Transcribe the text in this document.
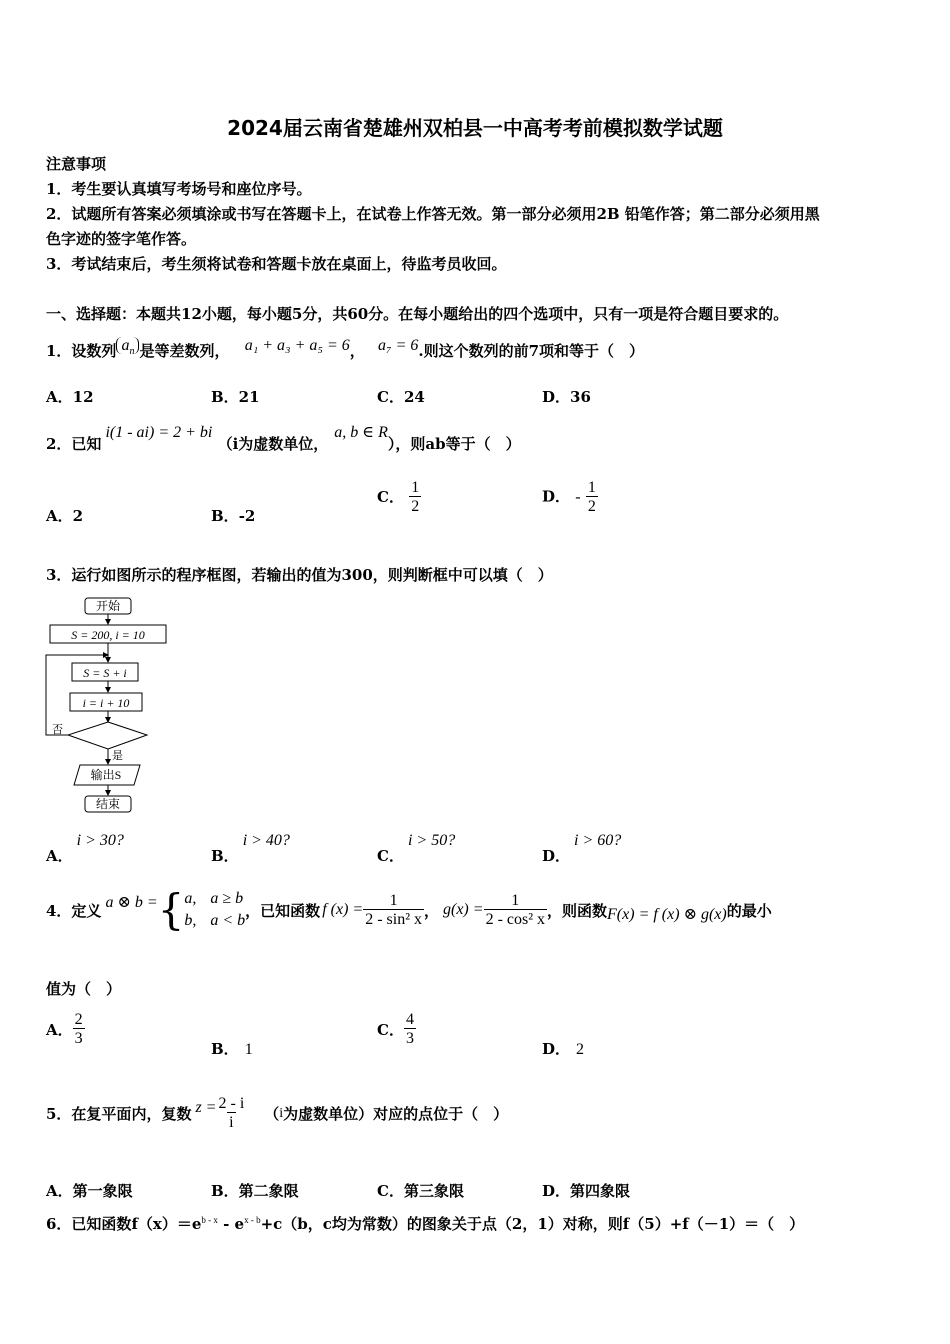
2024届云南省楚雄州双柏县一中高考考前模拟数学试题
注意事项
1．考生要认真填写考场号和座位序号。
2．试题所有答案必须填涂或书写在答题卡上，在试卷上作答无效。第一部分必须用2B 铅笔作答；第二部分必须用黑
色字迹的签字笔作答。
3．考试结束后，考生须将试卷和答题卡放在桌面上，待监考员收回。
一、选择题：本题共12小题，每小题5分，共60分。在每小题给出的四个选项中，只有一项是符合题目要求的。
1．设数列 $a_n$ 是等差数列， a₁ + a₃ + a₅ = 6， a₇ = 6.则这个数列的前7项和等于（　）
A．12	B．21	C．24	D．36
2．已知i(1 - ai) = 2 + bi （i为虚数单位，a, b ∈ R），则ab等于（　）
A．2	B．-2
C． $\frac{1}{2}$	D． - $\frac{1}{2}$
3．运行如图所示的程序框图，若输出的值为300，则判断框中可以填（　）
开始
S = 200, i = 10
S = S + i
i = i + 10
否
是
输出S
结束
A．i > 30?
B．i > 40?
C．i > 50?
D．i > 60?
4．定义 a ⊗ b = { a, a ≥ b
b, a < b
，已知函数 f $(x) = \frac{1}{\text{2 - sin² x}}$ ， $g(x) = \frac{1}{\text{2 - cos² x}}$ ，则函数 F(x) = f (x) ⊗ g(x) 的最小
值为（　）
A． $\frac{2}{3}$
B． 1
C． $\frac{4}{3}$
D． 2
5．在复平面内，复数 $z = \frac{2 - i}{i}$ （ i 为虚数单位）对应的点位于（　）
A．第一象限	B．第二象限	C．第三象限	D．第四象限
6．已知函数$f(x)=e^{b - x} - e^{x - b}+c(b$，c均为常数）的图象关于点（2，1）对称，则f（5）+f（－1）＝（　）
